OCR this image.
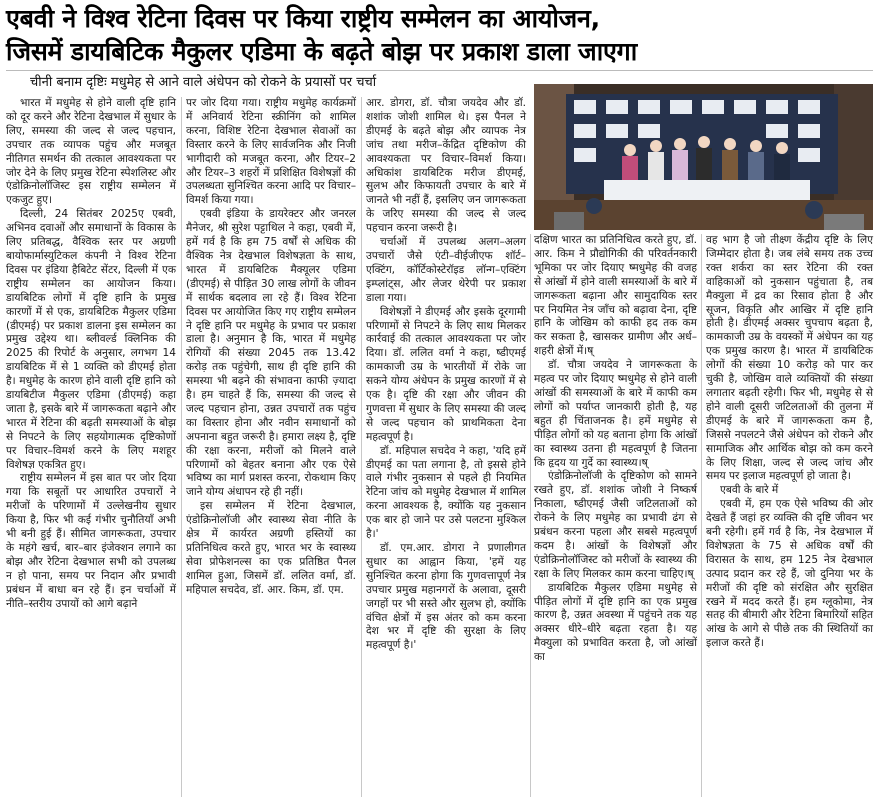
एबवी ने विश्व रेटिना दिवस पर किया राष्ट्रीय सम्मेलन का आयोजन,
जिसमें डायबिटिक मैकुलर एडिमा के बढ़ते बोझ पर प्रकाश डाला जाएगा
चीनी बनाम दृष्टिः मधुमेह से आने वाले अंधेपन को रोकने के प्रयासों पर चर्चा

भारत में मधुमेह से होने वाली दृष्टि हानि को दूर करने और रेटिना देखभाल में सुधार के लिए, समस्या की जल्द से जल्द पहचान, उपचार तक व्यापक पहुंच और मजबूत नीतिगत समर्थन की तत्काल आवश्यकता पर जोर देने के लिए प्रमुख रेटिना स्पेशलिस्ट और एंडोक्रिनोलॉजिस्ट इस राष्ट्रीय सम्मेलन में एकजुट हुए।

दिल्ली, 24 सितंबर 2025ए एबवी, अभिनव दवाओं और समाधानों के विकास के लिए प्रतिबद्ध, वैश्विक स्तर पर अग्रणी बायोफार्मास्युटिकल कंपनी ने विश्व रेटिना दिवस पर इंडिया हैबिटेट सेंटर, दिल्ली में एक राष्ट्रीय सम्मेलन का आयोजन किया। डायबिटिक लोगों में दृष्टि हानि के प्रमुख कारणों में से एक, डायबिटिक मैकुलर एडिमा (डीएमई) पर प्रकाश डालना इस सम्मेलन का प्रमुख उद्देश्य था। ब्लीवर्ल्ड क्लिनिक की 2025 की रिपोर्ट के अनुसार, लगभग 14 डायबिटिक में से 1 व्यक्ति को डीएमई होता है। मधुमेह के कारण होने वाली दृष्टि हानि को डायबिटीज मैकुलर एडिमा (डीएमई) कहा जाता है, इसके बारे में जागरूकता बढ़ाने और भारत में रेटिना की बढ़ती समस्याओं के बोझ से निपटने के लिए सहयोगात्मक दृष्टिकोणों पर विचार–विमर्श करने के लिए मशहूर विशेषज्ञ एकत्रित हुए।

राष्ट्रीय सम्मेलन में इस बात पर जोर दिया गया कि सबूतों पर आधारित उपचारों ने मरीजों के परिणामों में उल्लेखनीय सुधार किया है, फिर भी कई गंभीर चुनौतियाँ अभी भी बनी हुई हैं। सीमित जागरूकता, उपचार के महंगे खर्च, बार–बार इंजेक्शन लगाने का बोझ और रेटिना देखभाल सभी को उपलब्ध न हो पाना, समय पर निदान और प्रभावी प्रबंधन में बाधा बन रहे हैं। इन चर्चाओं में नीति–स्तरीय उपायों को आगे बढ़ाने

पर जोर दिया गया। राष्ट्रीय मधुमेह कार्यक्रमों में अनिवार्य रेटिना स्क्रीनिंग को शामिल करना, विशिष्ट रेटिना देखभाल सेवाओं का विस्तार करने के लिए सार्वजनिक और निजी भागीदारी को मजबूत करना, और टियर–2 और टियर–3 शहरों में प्रशिक्षित विशेषज्ञों की उपलब्धता सुनिश्चित करना आदि पर विचार–विमर्श किया गया।

एबवी इंडिया के डायरेक्टर और जनरल मैनेजर, श्री सुरेश पट्टाथिल ने कहा, एबवी में, हमें गर्व है कि हम 75 वर्षों से अधिक की वैश्विक नेत्र देखभाल विशेषज्ञता के साथ, भारत में डायबिटिक मैक्यूलर एडिमा (डीएमई) से पीड़ित 30 लाख लोगों के जीवन में सार्थक बदलाव ला रहे हैं। विश्व रेटिना दिवस पर आयोजित किए गए राष्ट्रीय सम्मेलन ने दृष्टि हानि पर मधुमेह के प्रभाव पर प्रकाश डाला है। अनुमान है कि, भारत में मधुमेह रोगियों की संख्या 2045 तक 13.42 करोड़ तक पहुंचेगी, साथ ही दृष्टि हानि की समस्या भी बढ़ने की संभावना काफी ज़्यादा है। हम चाहते हैं कि, समस्या की जल्द से जल्द पहचान होना, उन्नत उपचारों तक पहुंच का विस्तार होना और नवीन समाधानों को अपनाना बहुत जरूरी है। हमारा लक्ष्य है, दृष्टि की रक्षा करना, मरीजों को मिलने वाले परिणामों को बेहतर बनाना और एक ऐसे भविष्य का मार्ग प्रशस्त करना, रोकथाम किए जाने योग्य अंधापन रहे ही नहीं।

इस सम्मेलन में रेटिना देखभाल, एंडोक्रिनोलॉजी और स्वास्थ्य सेवा नीति के क्षेत्र में कार्यरत अग्रणी हस्तियों का प्रतिनिधित्व करते हुए, भारत भर के स्वास्थ्य सेवा प्रोफेशनल्स का एक प्रतिष्ठित पैनल शामिल हुआ, जिसमें डॉ. ललित वर्मा, डॉ. महिपाल सचदेव, डॉ. आर. किम, डॉ. एम.

आर. डोगरा, डॉ. चौत्रा जयदेव और डॉ. शशांक जोशी शामिल थे। इस पैनल ने डीएमई के बढ़ते बोझ और व्यापक नेत्र जांच तथा मरीज–केंद्रित दृष्टिकोण की आवश्यकता पर विचार–विमर्श किया। अधिकांश डायबिटिक मरीज डीएमई, सुलभ और किफायती उपचार के बारे में जानते भी नहीं हैं, इसलिए जन जागरूकता के जरिए समस्या की जल्द से जल्द पहचान करना जरूरी है।

चर्चाओं में उपलब्ध अलग–अलग उपचारों जैसे एंटी–वीईजीएफ शॉर्ट–एक्टिंग, कॉर्टिकोस्टेरॉइड लॉन्ग–एक्टिंग इम्प्लांट्स, और लेजर थेरेपी पर प्रकाश डाला गया।

विशेषज्ञों ने डीएमई और इसके दूरगामी परिणामों से निपटने के लिए साथ मिलकर कार्रवाई की तत्काल आवश्यकता पर जोर दिया। डॉ. ललित वर्मा ने कहा, ष्डीएमई कामकाजी उम्र के भारतीयों में रोके जा सकने योग्य अंधेपन के प्रमुख कारणों में से एक है। दृष्टि की रक्षा और जीवन की गुणवत्ता में सुधार के लिए समस्या की जल्द से जल्द पहचान को प्राथमिकता देना महत्वपूर्ण है।

डॉ. महिपाल सचदेव ने कहा, 'यदि हमें डीएमई का पता लगाना है, तो इससे होने वाले गंभीर नुकसान से पहले ही नियमित रेटिना जांच को मधुमेह देखभाल में शामिल करना आवश्यक है, क्योंकि यह नुकसान एक बार हो जाने पर उसे पलटना मुश्किल है।'

डॉ. एम.आर. डोगरा ने प्रणालीगत सुधार का आह्वान किया, 'हमें यह सुनिश्चित करना होगा कि गुणवत्तापूर्ण नेत्र उपचार प्रमुख महानगरों के अलावा, दूसरी जगहों पर भी सस्ते और सुलभ हो, क्योंकि वंचित क्षेत्रों में इस अंतर को कम करना देश भर में दृष्टि की सुरक्षा के लिए महत्वपूर्ण है।'

दक्षिण भारत का प्रतिनिधित्व करते हुए, डॉ. आर. किम ने प्रौद्योगिकी की परिवर्तनकारी भूमिका पर जोर दियाए ष्मधुमेह की वजह से आंखों में होने वाली समस्याओं के बारे में जागरूकता बढ़ाना और सामुदायिक स्तर पर नियमित नेत्र जाँच को बढ़ावा देना, दृष्टि हानि के जोखिम को काफी हद तक कम कर सकता है, खासकर ग्रामीण और अर्ध–शहरी क्षेत्रों में।ष्

डॉ. चौत्रा जयदेव ने जागरूकता के महत्व पर जोर दियाए ष्मधुमेह से होने वाली आंखों की समस्याओं के बारे में काफी कम लोगों को पर्याप्त जानकारी होती है, यह बहुत ही चिंताजनक है। हमें मधुमेह से पीड़ित लोगों को यह बताना होगा कि आंखों का स्वास्थ्य उतना ही महत्वपूर्ण है जितना कि हृदय या गुर्दे का स्वास्थ्य।ष्

एंडोक्रिनोलॉजी के दृष्टिकोण को सामने रखते हुए, डॉ. शशांक जोशी ने निष्कर्ष निकाला, ष्डीएमई जैसी जटिलताओं को रोकने के लिए मधुमेह का प्रभावी ढंग से प्रबंधन करना पहला और सबसे महत्वपूर्ण कदम है। आंखों के विशेषज्ञों और एंडोक्रिनोलॉजिस्ट को मरीजों के स्वास्थ्य की रक्षा के लिए मिलकर काम करना चाहिए।ष्

डायबिटिक मैकुलर एडिमा मधुमेह से पीड़ित लोगों में दृष्टि हानि का एक प्रमुख कारण है, उन्नत अवस्था में पहुंचने तक यह अक्सर धीरे–धीरे बढ़ता रहता है। यह मैक्युला को प्रभावित करता है, जो आंखों का

वह भाग है जो तीक्ष्ण केंद्रीय दृष्टि के लिए जिम्मेदार होता है। जब लंबे समय तक उच्च रक्त शर्करा का स्तर रेटिना की रक्त वाहिकाओं को नुकसान पहुंचाता है, तब मैक्युला में द्रव का रिसाव होता है और सूजन, विकृति और आखिर में दृष्टि हानि होती है। डीएमई अक्सर चुपचाप बढ़ता है, कामकाजी उम्र के वयस्कों में अंधेपन का यह एक प्रमुख कारण है। भारत में डायबिटिक लोगों की संख्या 10 करोड़ को पार कर चुकी है, जोखिम वाले व्यक्तियों की संख्या लगातार बढ़ती रहेगी। फिर भी, मधुमेह से से होने वाली दूसरी जटिलताओं की तुलना में डीएमई के बारे में जागरूकता कम है, जिससे नपलटने जैसे अंधेपन को रोकने और सामाजिक और आर्थिक बोझ को कम करने के लिए शिक्षा, जल्द से जल्द जांच और समय पर इलाज महत्वपूर्ण हो जाता है।

एबवी के बारे में

एबवी में, हम एक ऐसे भविष्य की ओर देखते हैं जहां हर व्यक्ति की दृष्टि जीवन भर बनी रहेगी। हमें गर्व है कि, नेत्र देखभाल में विशेषज्ञता के 75 से अधिक वर्षों की विरासत के साथ, हम 125 नेत्र देखभाल उत्पाद प्रदान कर रहे हैं, जो दुनिया भर के मरीजों की दृष्टि को संरक्षित और सुरक्षित रखने में मदद करते हैं। हम ग्लूकोमा, नेत्र सतह की बीमारी और रेटिना बिमारियों सहित आंख के आगे से पीछे तक की स्थितियों का इलाज करते हैं।
